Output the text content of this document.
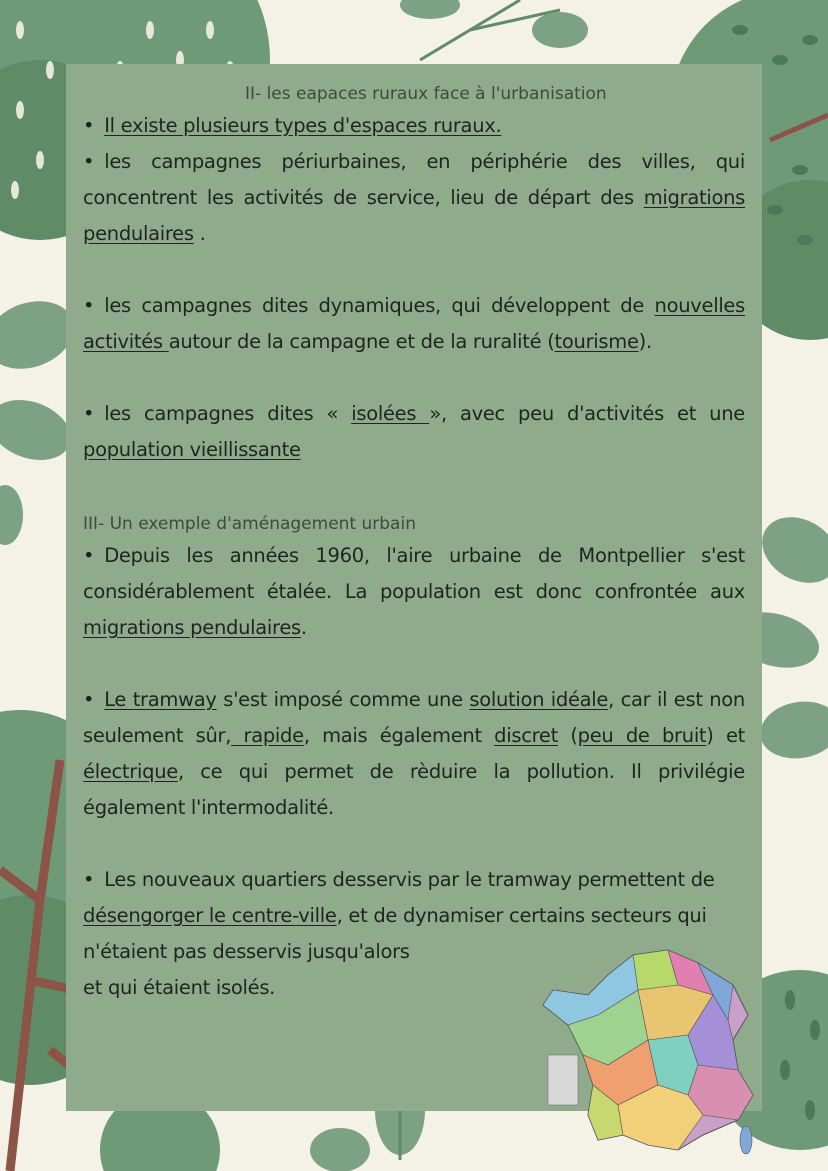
II- les eapaces ruraux face à l'urbanisation

• Il existe plusieurs types d'espaces ruraux.

• les campagnes périurbaines, en périphérie des villes, qui concentrent les activités de service, lieu de départ des migrations pendulaires .

• les campagnes dites dynamiques, qui développent de nouvelles activités autour de la campagne et de la ruralité (tourisme).

• les campagnes dites « isolées », avec peu d'activités et une population vieillissante

III- Un exemple d'aménagement urbain

• Depuis les années 1960, l'aire urbaine de Montpellier s'est considérablement étalée. La population est donc confrontée aux migrations pendulaires.

• Le tramway s'est imposé comme une solution idéale, car il est non seulement sûr, rapide, mais également discret (peu de bruit) et électrique, ce qui permet de rèduire la pollution. Il privilégie également l'intermodalité.

• Les nouveaux quartiers desservis par le tramway permettent de désengorger le centre-ville, et de dynamiser certains secteurs qui n'étaient pas desservis jusqu'alors
et qui étaient isolés.
